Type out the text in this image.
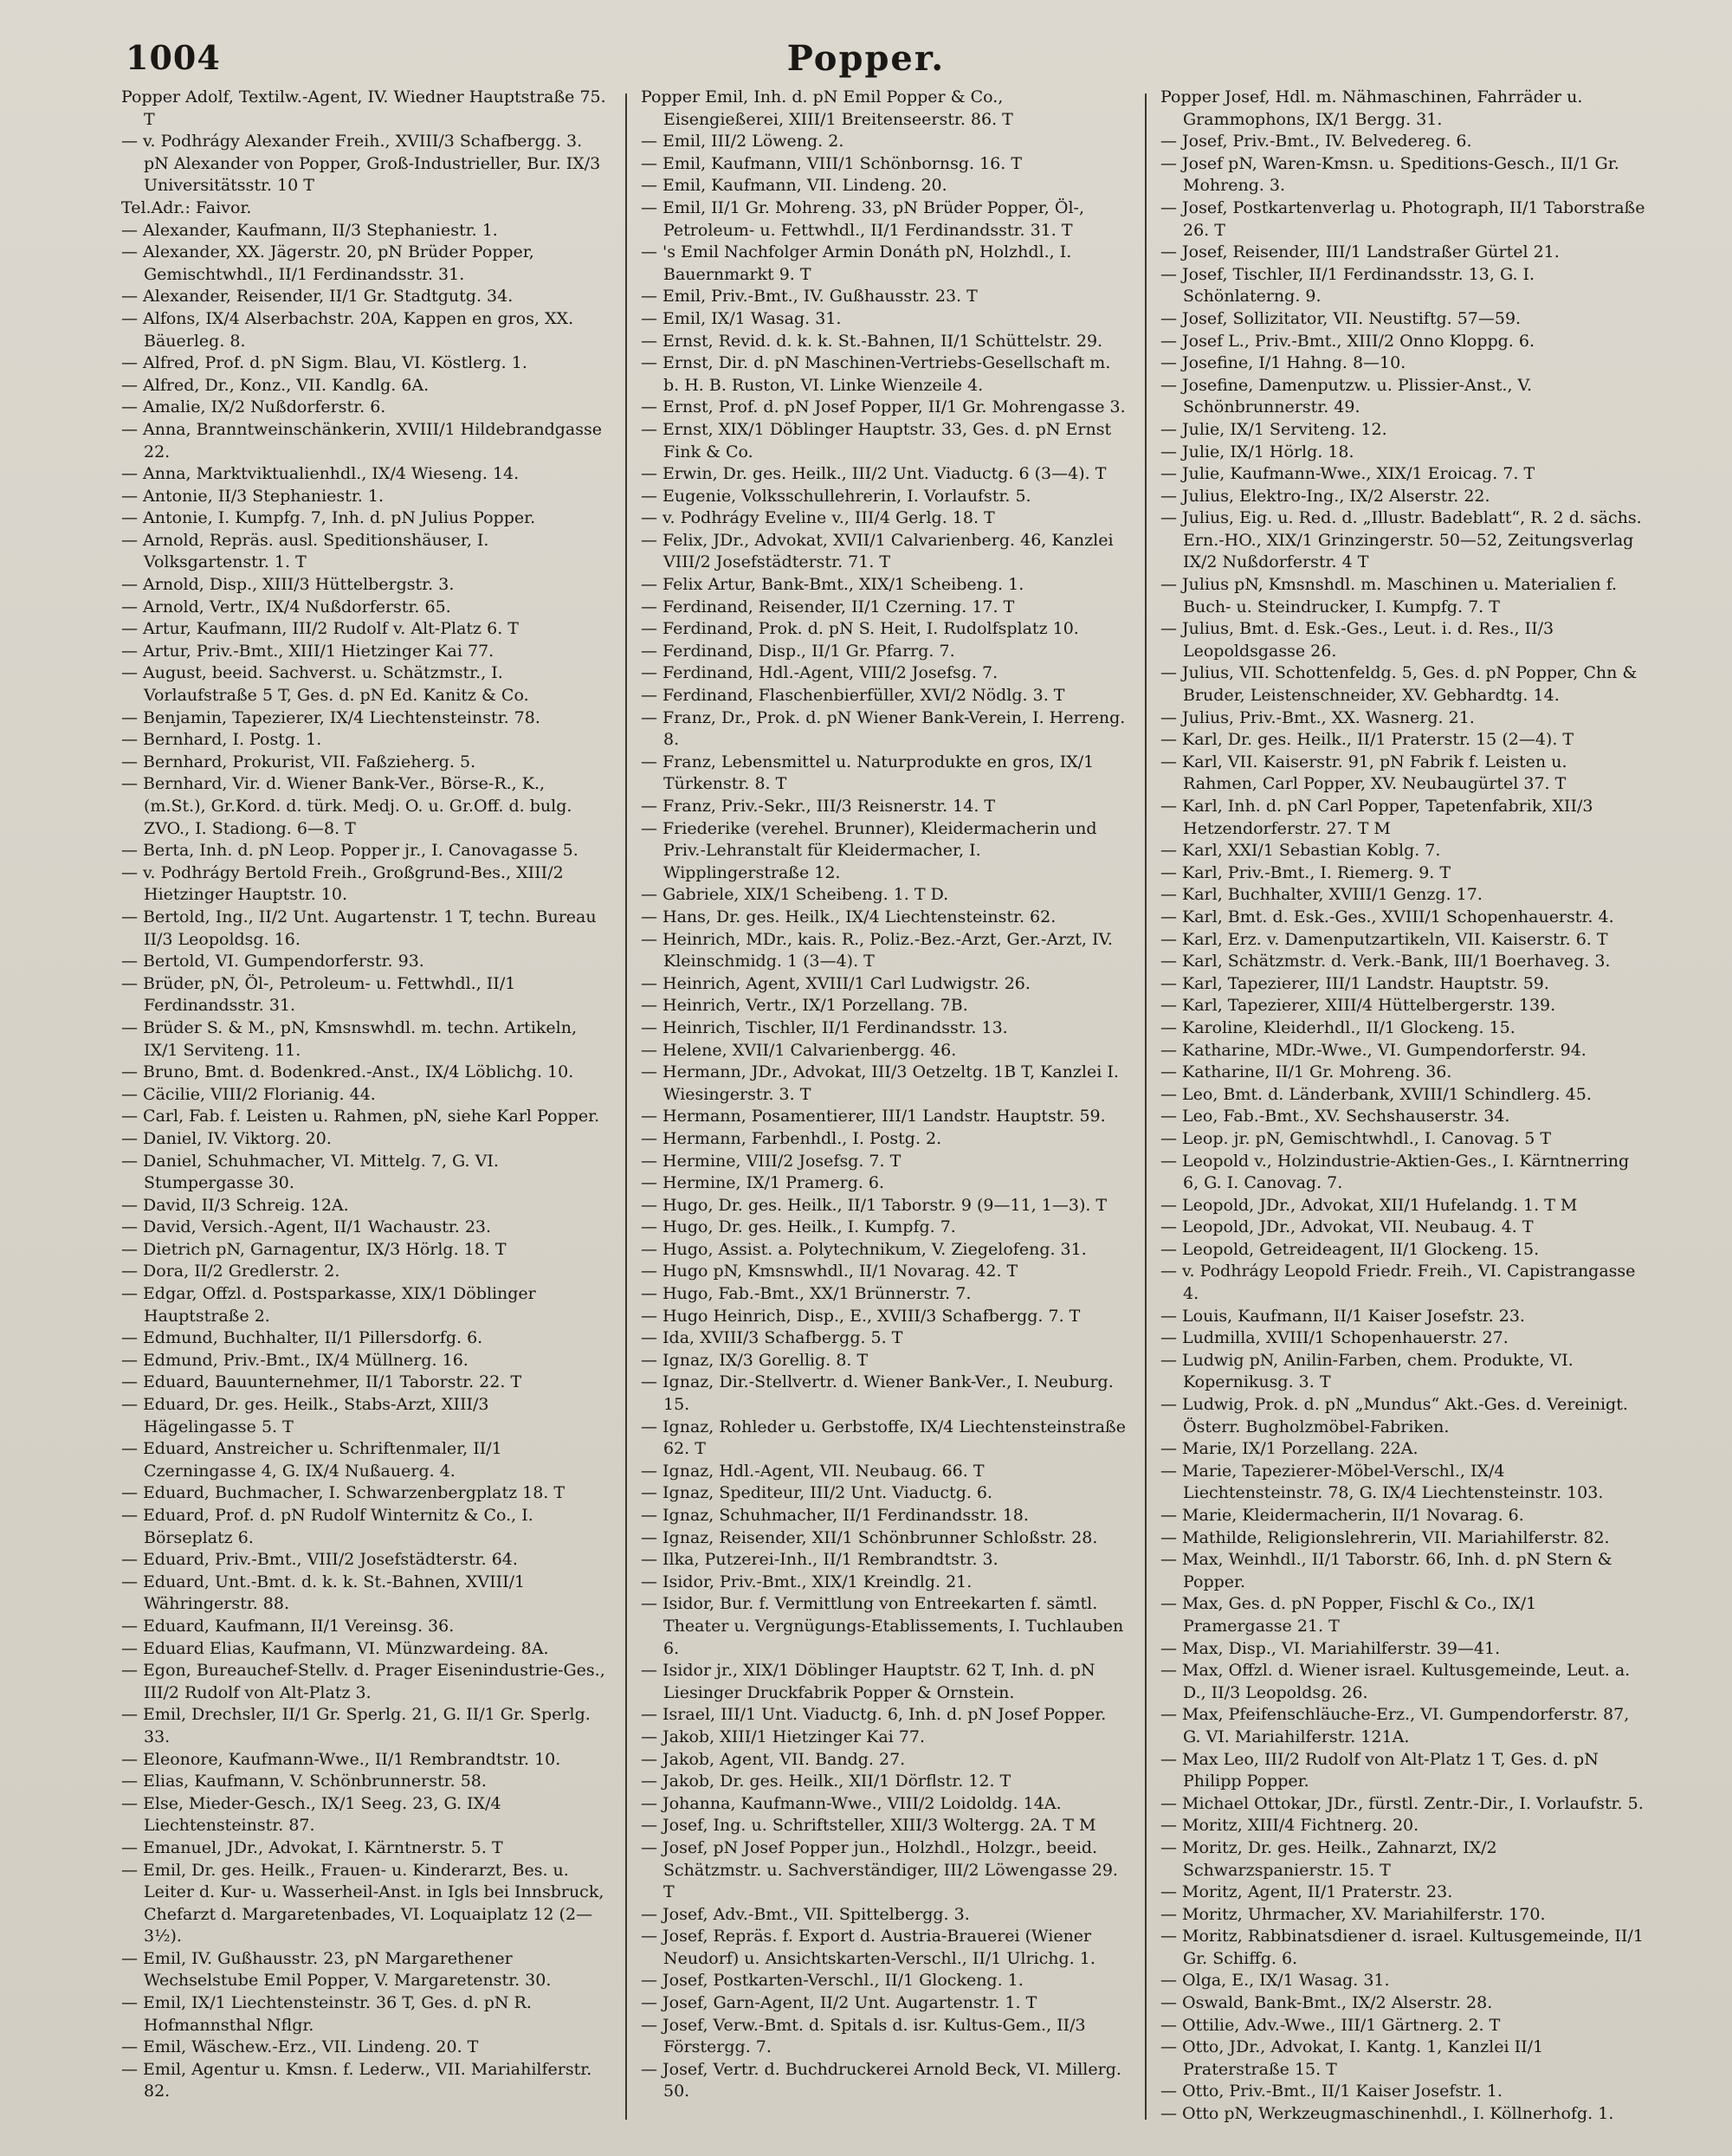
1004	Popper.
Popper Adolf, Textilw.-Agent, IV. Wiedner Hauptstraße 75. T
— v. Podhrágy Alexander Freih., XVIII/3 Schafbergg. 3. pN Alexander von Popper, Groß-Industrieller, Bur. IX/3 Universitätsstr. 10 T
Tel.Adr.: Faivor.
— Alexander, Kaufmann, II/3 Stephaniestr. 1.
— Alexander, XX. Jägerstr. 20, pN Brüder Popper, Gemischtwhdl., II/1 Ferdinandsstr. 31.
— Alexander, Reisender, II/1 Gr. Stadtgutg. 34.
— Alfons, IX/4 Alserbachstr. 20A, Kappen en gros, XX. Bäuerleg. 8.
— Alfred, Prof. d. pN Sigm. Blau, VI. Köstlerg. 1.
— Alfred, Dr., Konz., VII. Kandlg. 6A.
— Amalie, IX/2 Nußdorferstr. 6.
— Anna, Branntweinschänkerin, XVIII/1 Hildebrandgasse 22.
— Anna, Marktviktualienhdl., IX/4 Wieseng. 14.
— Antonie, II/3 Stephaniestr. 1.
— Antonie, I. Kumpfg. 7, Inh. d. pN Julius Popper.
— Arnold, Repräs. ausl. Speditionshäuser, I. Volksgartenstr. 1. T
— Arnold, Disp., XIII/3 Hüttelbergstr. 3.
— Arnold, Vertr., IX/4 Nußdorferstr. 65.
— Artur, Kaufmann, III/2 Rudolf v. Alt-Platz 6. T
— Artur, Priv.-Bmt., XIII/1 Hietzinger Kai 77.
— August, beeid. Sachverst. u. Schätzmstr., I. Vorlaufstraße 5 T, Ges. d. pN Ed. Kanitz & Co.
— Benjamin, Tapezierer, IX/4 Liechtensteinstr. 78.
— Bernhard, I. Postg. 1.
— Bernhard, Prokurist, VII. Faßzieherg. 5.
— Bernhard, Vir. d. Wiener Bank-Ver., Börse-R., K., (m.St.), Gr.Kord. d. türk. Medj. O. u. Gr.Off. d. bulg. ZVO., I. Stadiong. 6—8. T
— Berta, Inh. d. pN Leop. Popper jr., I. Canovagasse 5.
— v. Podhrágy Bertold Freih., Großgrund-Bes., XIII/2 Hietzinger Hauptstr. 10.
— Bertold, Ing., II/2 Unt. Augartenstr. 1 T, techn. Bureau II/3 Leopoldsg. 16.
— Bertold, VI. Gumpendorferstr. 93.
— Brüder, pN, Öl-, Petroleum- u. Fettwhdl., II/1 Ferdinandsstr. 31.
— Brüder S. & M., pN, Kmsnswhdl. m. techn. Artikeln, IX/1 Serviteng. 11.
— Bruno, Bmt. d. Bodenkred.-Anst., IX/4 Löblichg. 10.
— Cäcilie, VIII/2 Florianig. 44.
— Carl, Fab. f. Leisten u. Rahmen, pN, siehe Karl Popper.
— Daniel, IV. Viktorg. 20.
— Daniel, Schuhmacher, VI. Mittelg. 7, G. VI. Stumpergasse 30.
— David, II/3 Schreig. 12A.
— David, Versich.-Agent, II/1 Wachaustr. 23.
— Dietrich pN, Garnagentur, IX/3 Hörlg. 18. T
— Dora, II/2 Gredlerstr. 2.
— Edgar, Offzl. d. Postsparkasse, XIX/1 Döblinger Hauptstraße 2.
— Edmund, Buchhalter, II/1 Pillersdorfg. 6.
— Edmund, Priv.-Bmt., IX/4 Müllnerg. 16.
— Eduard, Bauunternehmer, II/1 Taborstr. 22. T
— Eduard, Dr. ges. Heilk., Stabs-Arzt, XIII/3 Hägelingasse 5. T
— Eduard, Anstreicher u. Schriftenmaler, II/1 Czerningasse 4, G. IX/4 Nußauerg. 4.
— Eduard, Buchmacher, I. Schwarzenbergplatz 18. T
— Eduard, Prof. d. pN Rudolf Winternitz & Co., I. Börseplatz 6.
— Eduard, Priv.-Bmt., VIII/2 Josefstädterstr. 64.
— Eduard, Unt.-Bmt. d. k. k. St.-Bahnen, XVIII/1 Währingerstr. 88.
— Eduard, Kaufmann, II/1 Vereinsg. 36.
— Eduard Elias, Kaufmann, VI. Münzwardeing. 8A.
— Egon, Bureauchef-Stellv. d. Prager Eisenindustrie-Ges., III/2 Rudolf von Alt-Platz 3.
— Emil, Drechsler, II/1 Gr. Sperlg. 21, G. II/1 Gr. Sperlg. 33.
— Eleonore, Kaufmann-Wwe., II/1 Rembrandtstr. 10.
— Elias, Kaufmann, V. Schönbrunnerstr. 58.
— Else, Mieder-Gesch., IX/1 Seeg. 23, G. IX/4 Liechtensteinstr. 87.
— Emanuel, JDr., Advokat, I. Kärntnerstr. 5. T
— Emil, Dr. ges. Heilk., Frauen- u. Kinderarzt, Bes. u. Leiter d. Kur- u. Wasserheil-Anst. in Igls bei Innsbruck, Chefarzt d. Margaretenbades, VI. Loquaiplatz 12 (2—3½).
— Emil, IV. Gußhausstr. 23, pN Margarethener Wechselstube Emil Popper, V. Margaretenstr. 30.
— Emil, IX/1 Liechtensteinstr. 36 T, Ges. d. pN R. Hofmannsthal Nflgr.
— Emil, Wäschew.-Erz., VII. Lindeng. 20. T
— Emil, Agentur u. Kmsn. f. Lederw., VII. Mariahilferstr. 82.
Popper Emil, Inh. d. pN Emil Popper & Co., Eisengießerei, XIII/1 Breitenseerstr. 86. T
— Emil, III/2 Löweng. 2.
— Emil, Kaufmann, VIII/1 Schönbornsg. 16. T
— Emil, Kaufmann, VII. Lindeng. 20.
— Emil, II/1 Gr. Mohreng. 33, pN Brüder Popper, Öl-, Petroleum- u. Fettwhdl., II/1 Ferdinandsstr. 31. T
— 's Emil Nachfolger Armin Donáth pN, Holzhdl., I. Bauernmarkt 9. T
— Emil, Priv.-Bmt., IV. Gußhausstr. 23. T
— Emil, IX/1 Wasag. 31.
— Ernst, Revid. d. k. k. St.-Bahnen, II/1 Schüttelstr. 29.
— Ernst, Dir. d. pN Maschinen-Vertriebs-Gesellschaft m. b. H. B. Ruston, VI. Linke Wienzeile 4.
— Ernst, Prof. d. pN Josef Popper, II/1 Gr. Mohrengasse 3.
— Ernst, XIX/1 Döblinger Hauptstr. 33, Ges. d. pN Ernst Fink & Co.
— Erwin, Dr. ges. Heilk., III/2 Unt. Viaductg. 6 (3—4). T
— Eugenie, Volksschullehrerin, I. Vorlaufstr. 5.
— v. Podhrágy Eveline v., III/4 Gerlg. 18. T
— Felix, JDr., Advokat, XVII/1 Calvarienberg. 46, Kanzlei VIII/2 Josefstädterstr. 71. T
— Felix Artur, Bank-Bmt., XIX/1 Scheibeng. 1.
— Ferdinand, Reisender, II/1 Czerning. 17. T
— Ferdinand, Prok. d. pN S. Heit, I. Rudolfsplatz 10.
— Ferdinand, Disp., II/1 Gr. Pfarrg. 7.
— Ferdinand, Hdl.-Agent, VIII/2 Josefsg. 7.
— Ferdinand, Flaschenbierfüller, XVI/2 Nödlg. 3. T
— Franz, Dr., Prok. d. pN Wiener Bank-Verein, I. Herreng. 8.
— Franz, Lebensmittel u. Naturprodukte en gros, IX/1 Türkenstr. 8. T
— Franz, Priv.-Sekr., III/3 Reisnerstr. 14. T
— Friederike (verehel. Brunner), Kleidermacherin und Priv.-Lehranstalt für Kleidermacher, I. Wipplingerstraße 12.
— Gabriele, XIX/1 Scheibeng. 1. T D.
— Hans, Dr. ges. Heilk., IX/4 Liechtensteinstr. 62.
— Heinrich, MDr., kais. R., Poliz.-Bez.-Arzt, Ger.-Arzt, IV. Kleinschmidg. 1 (3—4). T
— Heinrich, Agent, XVIII/1 Carl Ludwigstr. 26.
— Heinrich, Vertr., IX/1 Porzellang. 7B.
— Heinrich, Tischler, II/1 Ferdinandsstr. 13.
— Helene, XVII/1 Calvarienbergg. 46.
— Hermann, JDr., Advokat, III/3 Oetzeltg. 1B T, Kanzlei I. Wiesingerstr. 3. T
— Hermann, Posamentierer, III/1 Landstr. Hauptstr. 59.
— Hermann, Farbenhdl., I. Postg. 2.
— Hermine, VIII/2 Josefsg. 7. T
— Hermine, IX/1 Pramerg. 6.
— Hugo, Dr. ges. Heilk., II/1 Taborstr. 9 (9—11, 1—3). T
— Hugo, Dr. ges. Heilk., I. Kumpfg. 7.
— Hugo, Assist. a. Polytechnikum, V. Ziegelofeng. 31.
— Hugo pN, Kmsnswhdl., II/1 Novarag. 42. T
— Hugo, Fab.-Bmt., XX/1 Brünnerstr. 7.
— Hugo Heinrich, Disp., E., XVIII/3 Schafbergg. 7. T
— Ida, XVIII/3 Schafbergg. 5. T
— Ignaz, IX/3 Gorellig. 8. T
— Ignaz, Dir.-Stellvertr. d. Wiener Bank-Ver., I. Neuburg. 15.
— Ignaz, Rohleder u. Gerbstoffe, IX/4 Liechtensteinstraße 62. T
— Ignaz, Hdl.-Agent, VII. Neubaug. 66. T
— Ignaz, Spediteur, III/2 Unt. Viaductg. 6.
— Ignaz, Schuhmacher, II/1 Ferdinandsstr. 18.
— Ignaz, Reisender, XII/1 Schönbrunner Schloßstr. 28.
— Ilka, Putzerei-Inh., II/1 Rembrandtstr. 3.
— Isidor, Priv.-Bmt., XIX/1 Kreindlg. 21.
— Isidor, Bur. f. Vermittlung von Entreekarten f. sämtl. Theater u. Vergnügungs-Etablissements, I. Tuchlauben 6.
— Isidor jr., XIX/1 Döblinger Hauptstr. 62 T, Inh. d. pN Liesinger Druckfabrik Popper & Ornstein.
— Israel, III/1 Unt. Viaductg. 6, Inh. d. pN Josef Popper.
— Jakob, XIII/1 Hietzinger Kai 77.
— Jakob, Agent, VII. Bandg. 27.
— Jakob, Dr. ges. Heilk., XII/1 Dörflstr. 12. T
— Johanna, Kaufmann-Wwe., VIII/2 Loidoldg. 14A.
— Josef, Ing. u. Schriftsteller, XIII/3 Woltergg. 2A. T M
— Josef, pN Josef Popper jun., Holzhdl., Holzgr., beeid. Schätzmstr. u. Sachverständiger, III/2 Löwengasse 29. T
— Josef, Adv.-Bmt., VII. Spittelbergg. 3.
— Josef, Repräs. f. Export d. Austria-Brauerei (Wiener Neudorf) u. Ansichtskarten-Verschl., II/1 Ulrichg. 1.
— Josef, Postkarten-Verschl., II/1 Glockeng. 1.
— Josef, Garn-Agent, II/2 Unt. Augartenstr. 1. T
— Josef, Verw.-Bmt. d. Spitals d. isr. Kultus-Gem., II/3 Förstergg. 7.
— Josef, Vertr. d. Buchdruckerei Arnold Beck, VI. Millerg. 50.
Popper Josef, Hdl. m. Nähmaschinen, Fahrräder u. Grammophons, IX/1 Bergg. 31.
— Josef, Priv.-Bmt., IV. Belvedereg. 6.
— Josef pN, Waren-Kmsn. u. Speditions-Gesch., II/1 Gr. Mohreng. 3.
— Josef, Postkartenverlag u. Photograph, II/1 Taborstraße 26. T
— Josef, Reisender, III/1 Landstraßer Gürtel 21.
— Josef, Tischler, II/1 Ferdinandsstr. 13, G. I. Schönlaterng. 9.
— Josef, Sollizitator, VII. Neustiftg. 57—59.
— Josef L., Priv.-Bmt., XIII/2 Onno Kloppg. 6.
— Josefine, I/1 Hahng. 8—10.
— Josefine, Damenputzw. u. Plissier-Anst., V. Schönbrunnerstr. 49.
— Julie, IX/1 Serviteng. 12.
— Julie, IX/1 Hörlg. 18.
— Julie, Kaufmann-Wwe., XIX/1 Eroicag. 7. T
— Julius, Elektro-Ing., IX/2 Alserstr. 22.
— Julius, Eig. u. Red. d. „Illustr. Badeblatt“, R. 2 d. sächs. Ern.-HO., XIX/1 Grinzingerstr. 50—52, Zeitungsverlag IX/2 Nußdorferstr. 4 T
— Julius pN, Kmsnshdl. m. Maschinen u. Materialien f. Buch- u. Steindrucker, I. Kumpfg. 7. T
— Julius, Bmt. d. Esk.-Ges., Leut. i. d. Res., II/3 Leopoldsgasse 26.
— Julius, VII. Schottenfeldg. 5, Ges. d. pN Popper, Chn & Bruder, Leistenschneider, XV. Gebhardtg. 14.
— Julius, Priv.-Bmt., XX. Wasnerg. 21.
— Karl, Dr. ges. Heilk., II/1 Praterstr. 15 (2—4). T
— Karl, VII. Kaiserstr. 91, pN Fabrik f. Leisten u. Rahmen, Carl Popper, XV. Neubaugürtel 37. T
— Karl, Inh. d. pN Carl Popper, Tapetenfabrik, XII/3 Hetzendorferstr. 27. T M
— Karl, XXI/1 Sebastian Koblg. 7.
— Karl, Priv.-Bmt., I. Riemerg. 9. T
— Karl, Buchhalter, XVIII/1 Genzg. 17.
— Karl, Bmt. d. Esk.-Ges., XVIII/1 Schopenhauerstr. 4.
— Karl, Erz. v. Damenputzartikeln, VII. Kaiserstr. 6. T
— Karl, Schätzmstr. d. Verk.-Bank, III/1 Boerhaveg. 3.
— Karl, Tapezierer, III/1 Landstr. Hauptstr. 59.
— Karl, Tapezierer, XIII/4 Hüttelbergerstr. 139.
— Karoline, Kleiderhdl., II/1 Glockeng. 15.
— Katharine, MDr.-Wwe., VI. Gumpendorferstr. 94.
— Katharine, II/1 Gr. Mohreng. 36.
— Leo, Bmt. d. Länderbank, XVIII/1 Schindlerg. 45.
— Leo, Fab.-Bmt., XV. Sechshauserstr. 34.
— Leop. jr. pN, Gemischtwhdl., I. Canovag. 5 T
— Leopold v., Holzindustrie-Aktien-Ges., I. Kärntnerring 6, G. I. Canovag. 7.
— Leopold, JDr., Advokat, XII/1 Hufelandg. 1. T M
— Leopold, JDr., Advokat, VII. Neubaug. 4. T
— Leopold, Getreideagent, II/1 Glockeng. 15.
— v. Podhrágy Leopold Friedr. Freih., VI. Capistrangasse 4.
— Louis, Kaufmann, II/1 Kaiser Josefstr. 23.
— Ludmilla, XVIII/1 Schopenhauerstr. 27.
— Ludwig pN, Anilin-Farben, chem. Produkte, VI. Kopernikusg. 3. T
— Ludwig, Prok. d. pN „Mundus“ Akt.-Ges. d. Vereinigt. Österr. Bugholzmöbel-Fabriken.
— Marie, IX/1 Porzellang. 22A.
— Marie, Tapezierer-Möbel-Verschl., IX/4 Liechtensteinstr. 78, G. IX/4 Liechtensteinstr. 103.
— Marie, Kleidermacherin, II/1 Novarag. 6.
— Mathilde, Religionslehrerin, VII. Mariahilferstr. 82.
— Max, Weinhdl., II/1 Taborstr. 66, Inh. d. pN Stern & Popper.
— Max, Ges. d. pN Popper, Fischl & Co., IX/1 Pramergasse 21. T
— Max, Disp., VI. Mariahilferstr. 39—41.
— Max, Offzl. d. Wiener israel. Kultusgemeinde, Leut. a. D., II/3 Leopoldsg. 26.
— Max, Pfeifenschläuche-Erz., VI. Gumpendorferstr. 87, G. VI. Mariahilferstr. 121A.
— Max Leo, III/2 Rudolf von Alt-Platz 1 T, Ges. d. pN Philipp Popper.
— Michael Ottokar, JDr., fürstl. Zentr.-Dir., I. Vorlaufstr. 5.
— Moritz, XIII/4 Fichtnerg. 20.
— Moritz, Dr. ges. Heilk., Zahnarzt, IX/2 Schwarzspanierstr. 15. T
— Moritz, Agent, II/1 Praterstr. 23.
— Moritz, Uhrmacher, XV. Mariahilferstr. 170.
— Moritz, Rabbinatsdiener d. israel. Kultusgemeinde, II/1 Gr. Schiffg. 6.
— Olga, E., IX/1 Wasag. 31.
— Oswald, Bank-Bmt., IX/2 Alserstr. 28.
— Ottilie, Adv.-Wwe., III/1 Gärtnerg. 2. T
— Otto, JDr., Advokat, I. Kantg. 1, Kanzlei II/1 Praterstraße 15. T
— Otto, Priv.-Bmt., II/1 Kaiser Josefstr. 1.
— Otto pN, Werkzeugmaschinenhdl., I. Köllnerhofg. 1.
